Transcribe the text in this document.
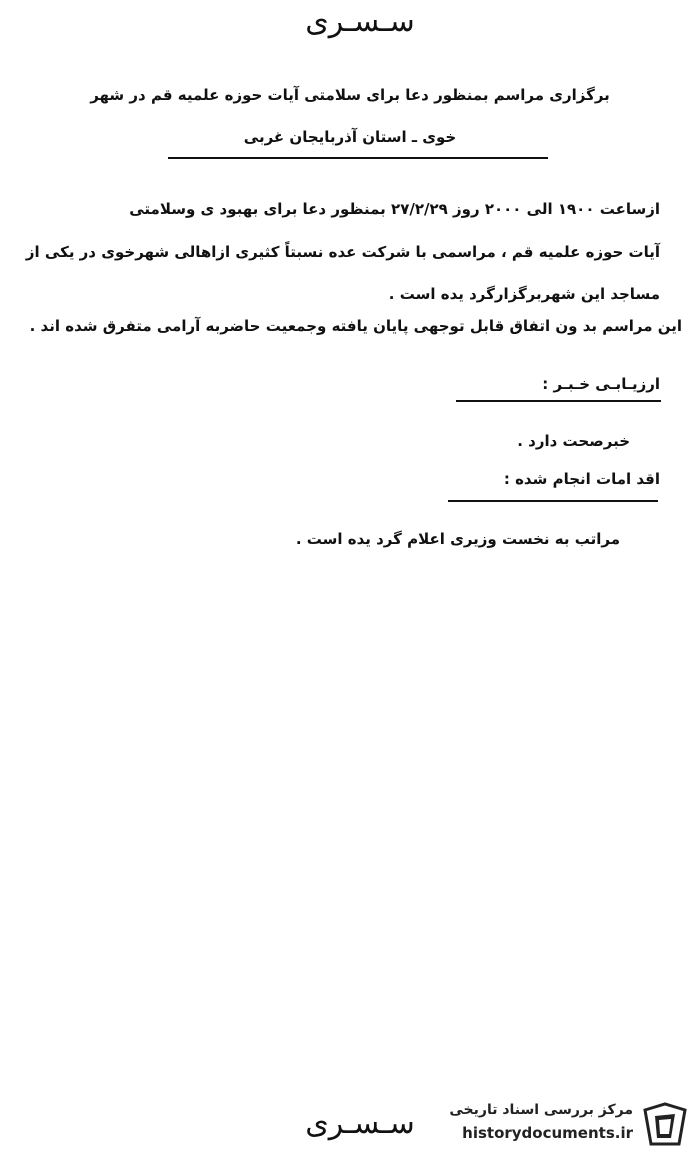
سـسـری
برگزاری مراسم بمنظور دعا برای سلامتی آیات حوزه علمیه قم در شهر
خوی ـ استان آذربایجان غربی
ازساعت ١٩٠٠ الی ٢٠٠٠ روز ٢٧/٢/٢٩ بمنظور دعا برای بهبود ی وسلامتی
آیات حوزه علمیه قم ، مراسمی با شرکت عده نسبتاً کثیری ازاهالی شهرخوی در یکی از
مساجد این شهربرگزارگرد یده است .
این مراسم بد ون اتفاق قابل توجهی پایان یافته وجمعیت حاضربه آرامی متفرق شده اند .
ارزیـابـی خـبـر :
خبرصحت دارد .
اقد امات انجام شده :
مراتب به نخست وزیری اعلام گرد یده است .
سـسـری	مرکز بررسی اسناد تاریخی
historydocuments.ir
